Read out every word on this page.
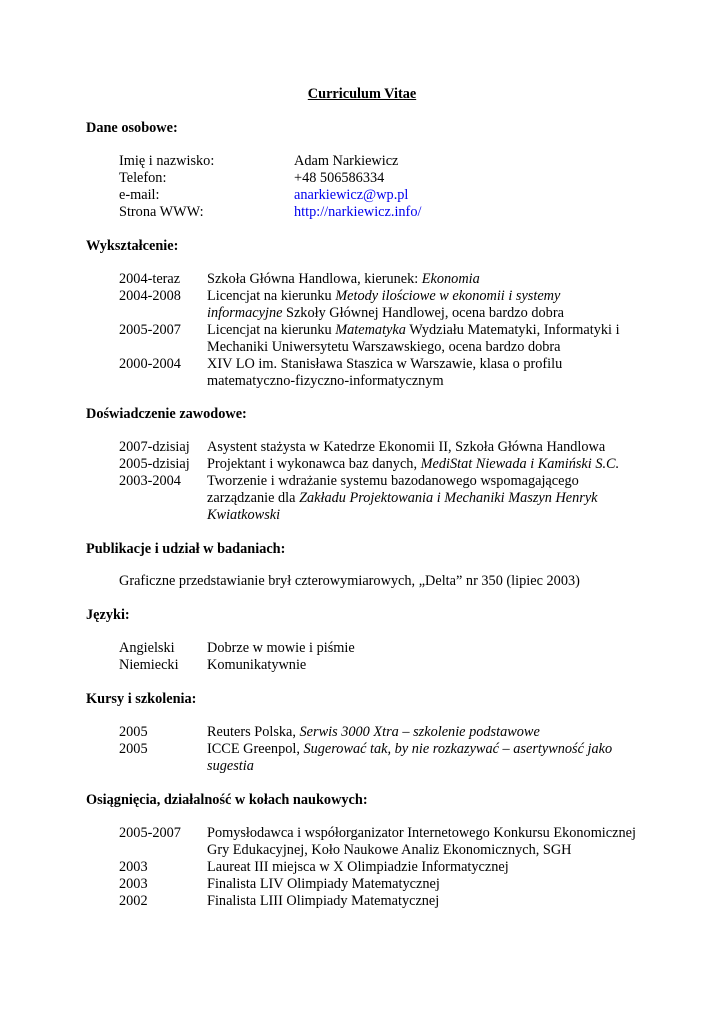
Curriculum Vitae
Dane osobowe:
Imię i nazwisko:	Adam Narkiewicz
Telefon:	+48 506586334
e-mail:	anarkiewicz@wp.pl
Strona WWW:	http://narkiewicz.info/
Wykształcenie:
2004-teraz	Szkoła Główna Handlowa, kierunek: Ekonomia
2004-2008	Licencjat na kierunku Metody ilościowe w ekonomii i systemy informacyjne Szkoły Głównej Handlowej, ocena bardzo dobra
2005-2007	Licencjat na kierunku Matematyka Wydziału Matematyki, Informatyki i Mechaniki Uniwersytetu Warszawskiego, ocena bardzo dobra
2000-2004	XIV LO im. Stanisława Staszica w Warszawie, klasa o profilu matematyczno-fizyczno-informatycznym
Doświadczenie zawodowe:
2007-dzisiaj	Asystent stażysta w Katedrze Ekonomii II, Szkoła Główna Handlowa
2005-dzisiaj	Projektant i wykonawca baz danych, MediStat Niewada i Kamiński S.C.
2003-2004	Tworzenie i wdrażanie systemu bazodanowego wspomagającego zarządzanie dla Zakładu Projektowania i Mechaniki Maszyn Henryk Kwiatkowski
Publikacje i udział w badaniach:
Graficzne przedstawianie brył czterowymiarowych, „Delta” nr 350 (lipiec 2003)
Języki:
Angielski	Dobrze w mowie i piśmie
Niemiecki	Komunikatywnie
Kursy i szkolenia:
2005	Reuters Polska, Serwis 3000 Xtra – szkolenie podstawowe
2005	ICCE Greenpol, Sugerować tak, by nie rozkazywać – asertywność jako sugestia
Osiągnięcia, działalność w kołach naukowych:
2005-2007	Pomysłodawca i współorganizator Internetowego Konkursu Ekonomicznej Gry Edukacyjnej, Koło Naukowe Analiz Ekonomicznych, SGH
2003	Laureat III miejsca w X Olimpiadzie Informatycznej
2003	Finalista LIV Olimpiady Matematycznej
2002	Finalista LIII Olimpiady Matematycznej
